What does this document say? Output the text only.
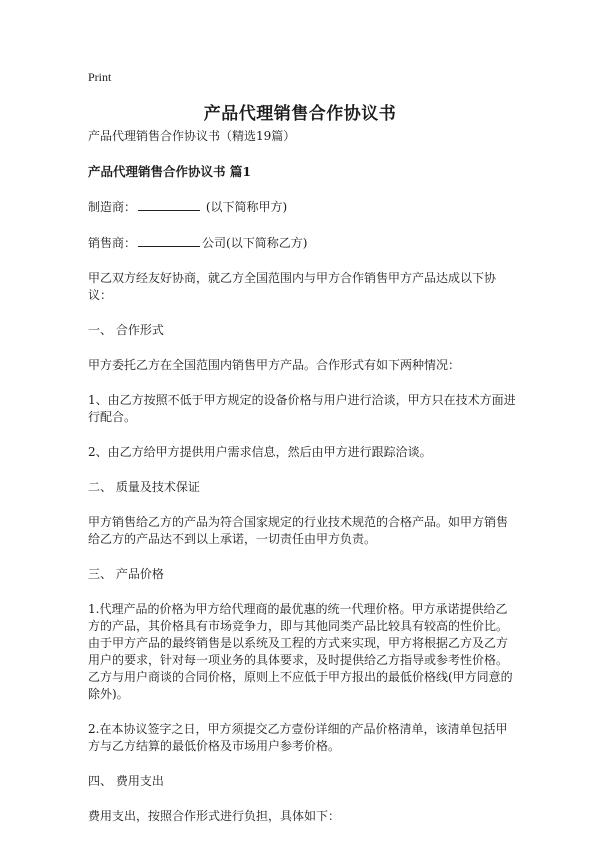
Print
产品代理销售合作协议书

产品代理销售合作协议书（精选19篇）

产品代理销售合作协议书 篇1

制造商：	(以下简称甲方)

销售商：	公司(以下简称乙方)

甲乙双方经友好协商，就乙方全国范围内与甲方合作销售甲方产品达成以下协议：

一、 合作形式

甲方委托乙方在全国范围内销售甲方产品。合作形式有如下两种情况：

1、由乙方按照不低于甲方规定的设备价格与用户进行洽谈，甲方只在技术方面进行配合。

2、由乙方给甲方提供用户需求信息，然后由甲方进行跟踪洽谈。

二、 质量及技术保证

甲方销售给乙方的产品为符合国家规定的行业技术规范的合格产品。如甲方销售给乙方的产品达不到以上承诺，一切责任由甲方负责。

三、 产品价格

1.代理产品的价格为甲方给代理商的最优惠的统一代理价格。甲方承诺提供给乙方的产品，其价格具有市场竞争力，即与其他同类产品比较具有较高的性价比。由于甲方产品的最终销售是以系统及工程的方式来实现，甲方将根据乙方及乙方用户的要求，针对每一项业务的具体要求，及时提供给乙方指导或参考性价格。乙方与用户商谈的合同价格，原则上不应低于甲方报出的最低价格线(甲方同意的除外)。

2.在本协议签字之日，甲方须提交乙方壹份详细的产品价格清单，该清单包括甲方与乙方结算的最低价格及市场用户参考价格。

四、 费用支出

费用支出，按照合作形式进行负担，具体如下：
